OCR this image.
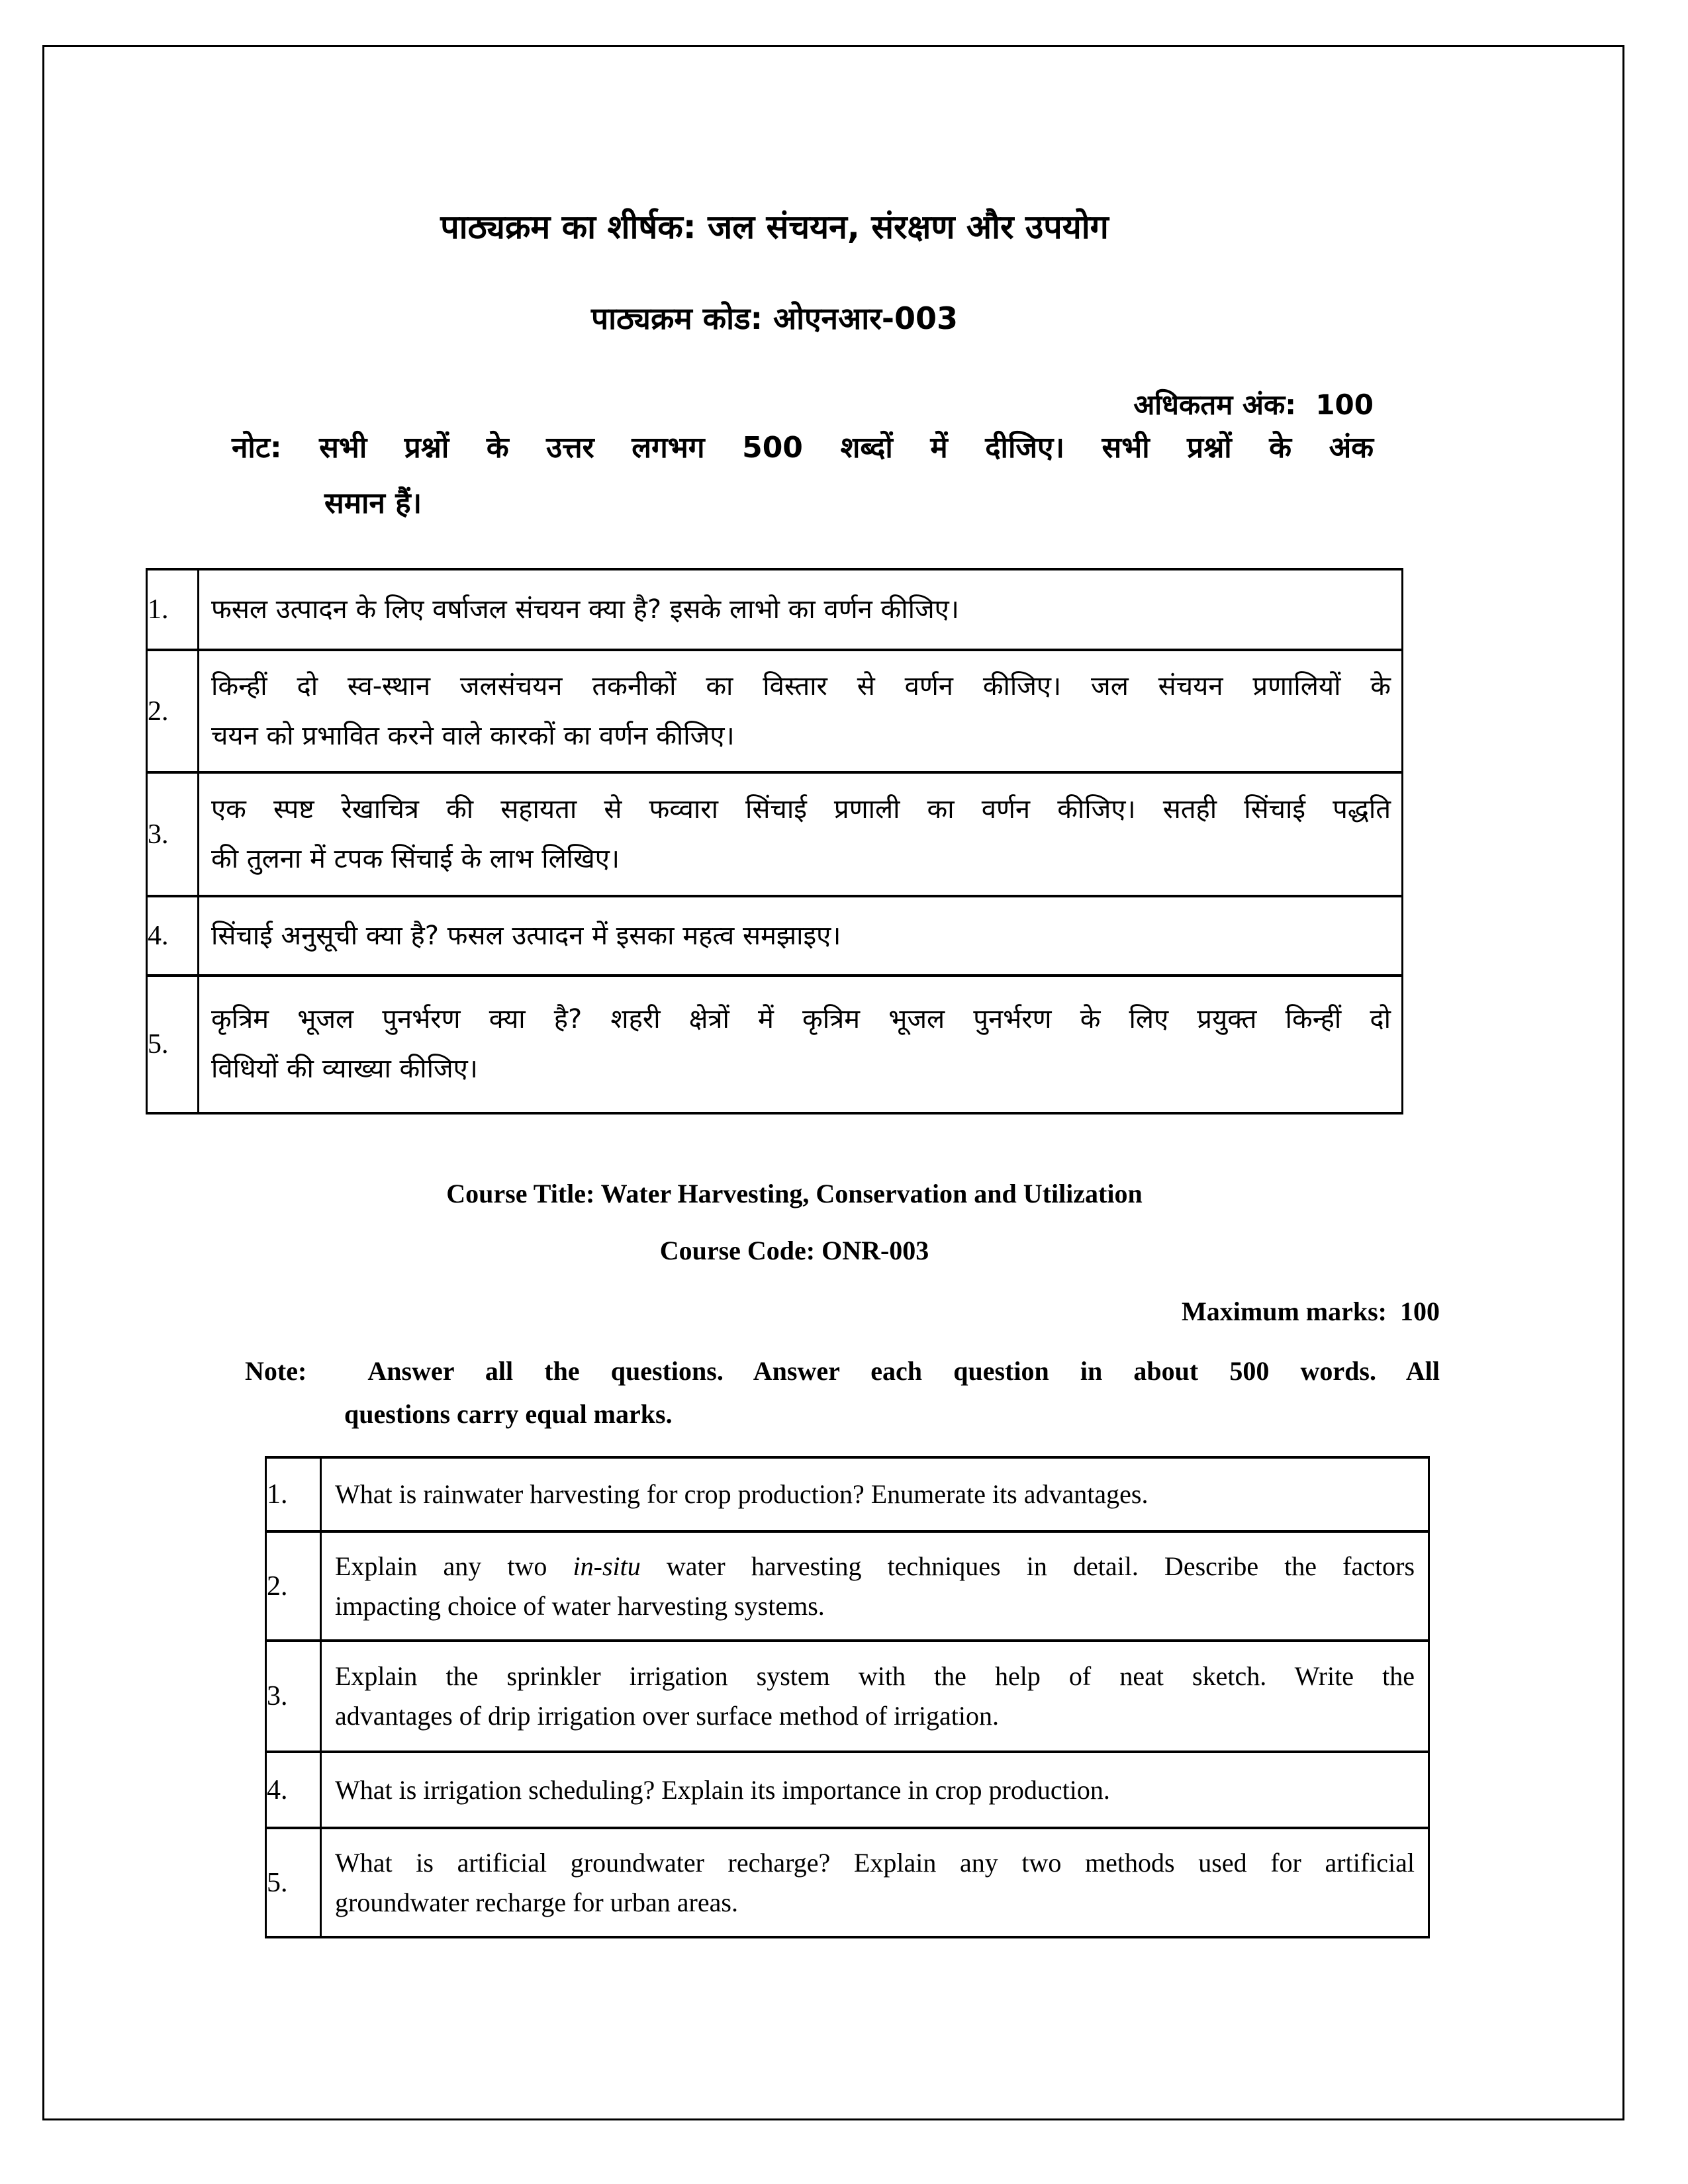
पाठ्यक्रम का शीर्षक: जल संचयन, संरक्षण और उपयोग
पाठ्यक्रम कोड: ओएनआर-003
अधिकतम अंक:  100
नोट: सभी प्रश्नों के उत्तर लगभग 500 शब्दों में दीजिए। सभी प्रश्नों के अंक
समान हैं।
1.	फसल उत्पादन के लिए वर्षाजल संचयन क्या है? इसके लाभो का वर्णन कीजिए।

2.	किन्हीं दो स्व-स्थान जलसंचयन तकनीकों का विस्तार से वर्णन कीजिए। जल संचयन प्रणालियों के
चयन को प्रभावित करने वाले कारकों का वर्णन कीजिए।

3.	एक स्पष्ट रेखाचित्र की सहायता से फव्वारा सिंचाई प्रणाली का वर्णन कीजिए। सतही सिंचाई पद्धति
की तुलना में टपक सिंचाई के लाभ लिखिए।

4.	सिंचाई अनुसूची क्या है? फसल उत्पादन में इसका महत्व समझाइए।

5.	कृत्रिम भूजल पुनर्भरण क्या है? शहरी क्षेत्रों में कृत्रिम भूजल पुनर्भरण के लिए प्रयुक्त किन्हीं दो
विधियों की व्याख्या कीजिए।
Course Title: Water Harvesting, Conservation and Utilization
Course Code: ONR-003
Maximum marks:  100
Note: Answer all the questions. Answer each question in about 500 words. All
questions carry equal marks.
1.	What is rainwater harvesting for crop production? Enumerate its advantages.

2.	Explain any two in-situ water harvesting techniques in detail. Describe the factors
impacting choice of water harvesting systems.

3.	Explain the sprinkler irrigation system with the help of neat sketch. Write the
advantages of drip irrigation over surface method of irrigation.

4.	What is irrigation scheduling? Explain its importance in crop production.

5.	What is artificial groundwater recharge? Explain any two methods used for artificial
groundwater recharge for urban areas.
